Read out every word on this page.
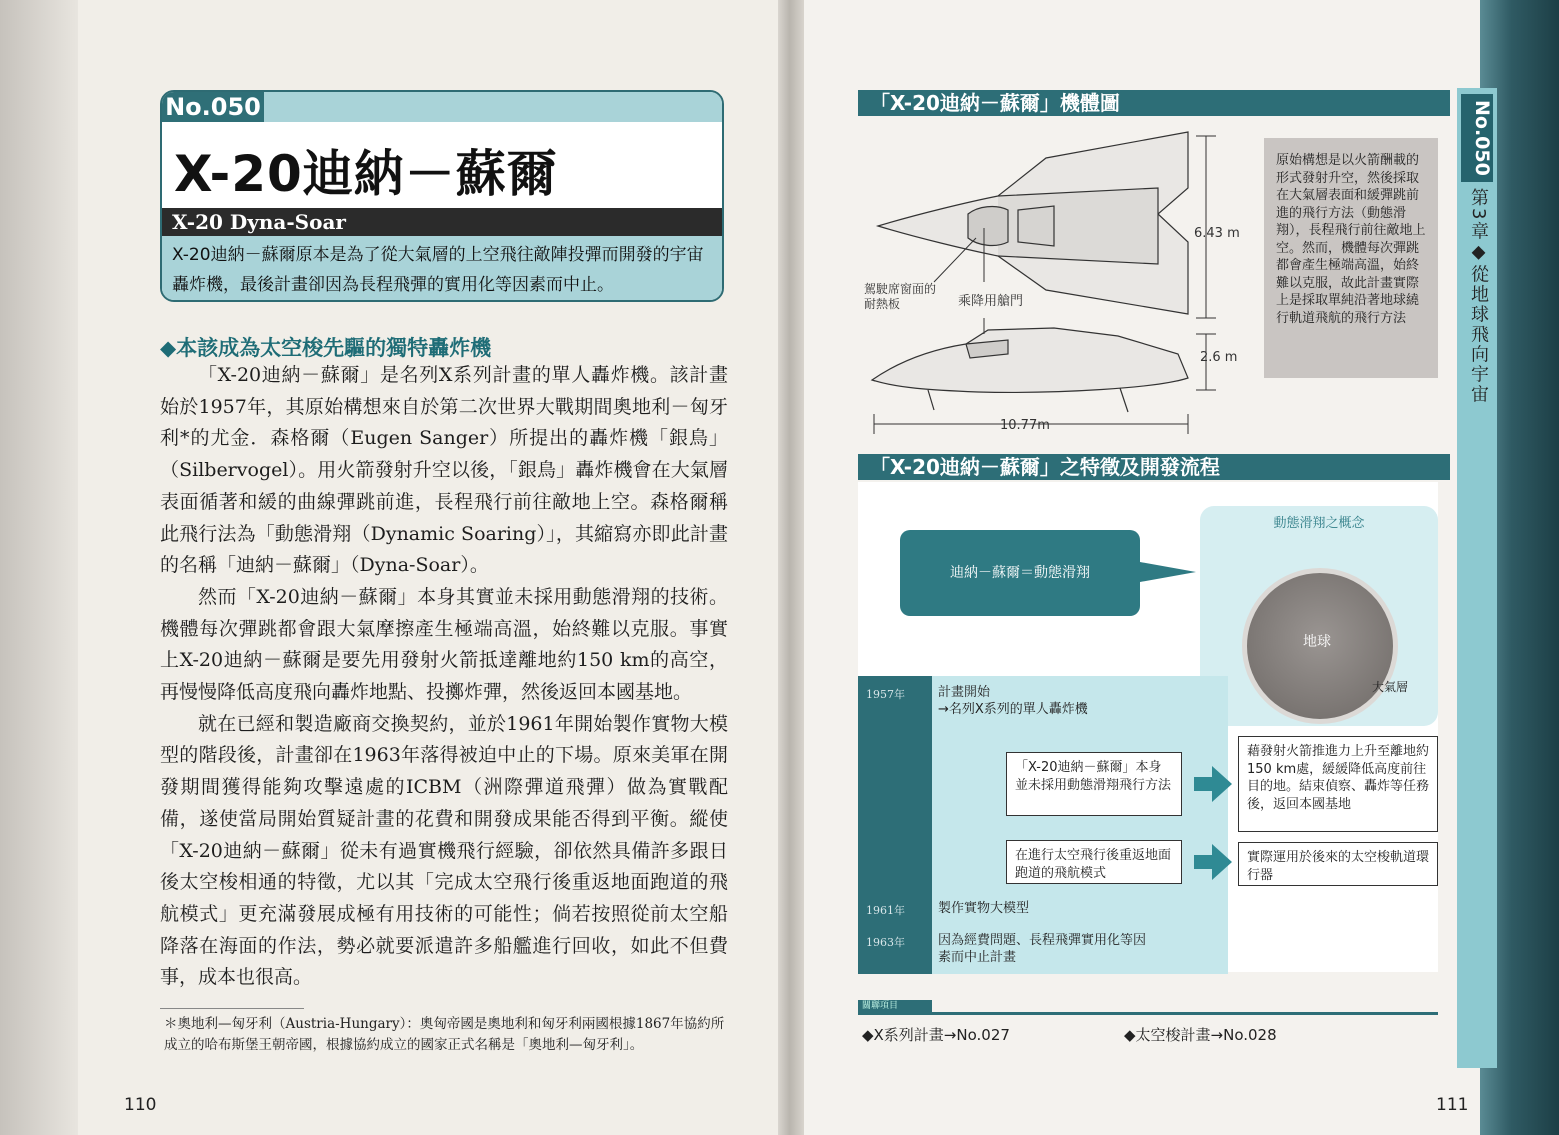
No.050
X-20迪納－蘇爾
X-20 Dyna-Soar
X-20迪納－蘇爾原本是為了從大氣層的上空飛往敵陣投彈而開發的宇宙轟炸機，最後計畫卻因為長程飛彈的實用化等因素而中止。
◆本該成為太空梭先驅的獨特轟炸機

「X-20迪納－蘇爾」是名列X系列計畫的單人轟炸機。該計畫始於1957年，其原始構想來自於第二次世界大戰期間奧地利－匈牙利*的尤金．森格爾（Eugen Sanger）所提出的轟炸機「銀鳥」（Silbervogel）。用火箭發射升空以後，「銀鳥」轟炸機會在大氣層表面循著和緩的曲線彈跳前進，長程飛行前往敵地上空。森格爾稱此飛行法為「動態滑翔（Dynamic Soaring）」，其縮寫亦即此計畫的名稱「迪納－蘇爾」（Dyna-Soar）。

然而「X-20迪納－蘇爾」本身其實並未採用動態滑翔的技術。機體每次彈跳都會跟大氣摩擦產生極端高溫，始終難以克服。事實上X-20迪納－蘇爾是要先用發射火箭抵達離地約150 km的高空，再慢慢降低高度飛向轟炸地點、投擲炸彈，然後返回本國基地。

就在已經和製造廠商交換契約，並於1961年開始製作實物大模型的階段後，計畫卻在1963年落得被迫中止的下場。原來美軍在開發期間獲得能夠攻擊遠處的ICBM（洲際彈道飛彈）做為實戰配備，遂使當局開始質疑計畫的花費和開發成果能否得到平衡。縱使「X-20迪納－蘇爾」從未有過實機飛行經驗，卻依然具備許多跟日後太空梭相通的特徵，尤以其「完成太空飛行後重返地面跑道的飛航模式」更充滿發展成極有用技術的可能性；倘若按照從前太空船降落在海面的作法，勢必就要派遣許多船艦進行回收，如此不但費事，成本也很高。

＊奧地利—匈牙利（Austria-Hungary）：奧匈帝國是奧地利和匈牙利兩國根據1867年協約所成立的哈布斯堡王朝帝國，根據協約成立的國家正式名稱是「奧地利—匈牙利」。
110
No.050
第3章◆從地球飛向宇宙
「X-20迪納－蘇爾」機體圖
6.43 m
2.6 m
10.77m
駕駛席窗面的耐熱板	乘降用艙門
原始構想是以火箭酬載的形式發射升空，然後採取在大氣層表面和緩彈跳前進的飛行方法（動態滑翔），長程飛行前往敵地上空。然而，機體每次彈跳都會產生極端高溫，始終難以克服，故此計畫實際上是採取單純沿著地球繞行軌道飛航的飛行方法
「X-20迪納－蘇爾」之特徵及開發流程
動態滑翔之概念
地球
大氣層
迪納－蘇爾＝動態滑翔
1957年
1961年
1963年
計畫開始
→名列X系列的單人轟炸機
製作實物大模型
因為經費問題、長程飛彈實用化等因素而中止計畫
「X-20迪納－蘇爾」本身並未採用動態滑翔飛行方法
藉發射火箭推進力上升至離地約150 km處，緩緩降低高度前往目的地。結束偵察、轟炸等任務後，返回本國基地
在進行太空飛行後重返地面跑道的飛航模式
實際運用於後來的太空梭軌道環行器
關聯項目
◆X系列計畫→No.027	◆太空梭計畫→No.028
111
